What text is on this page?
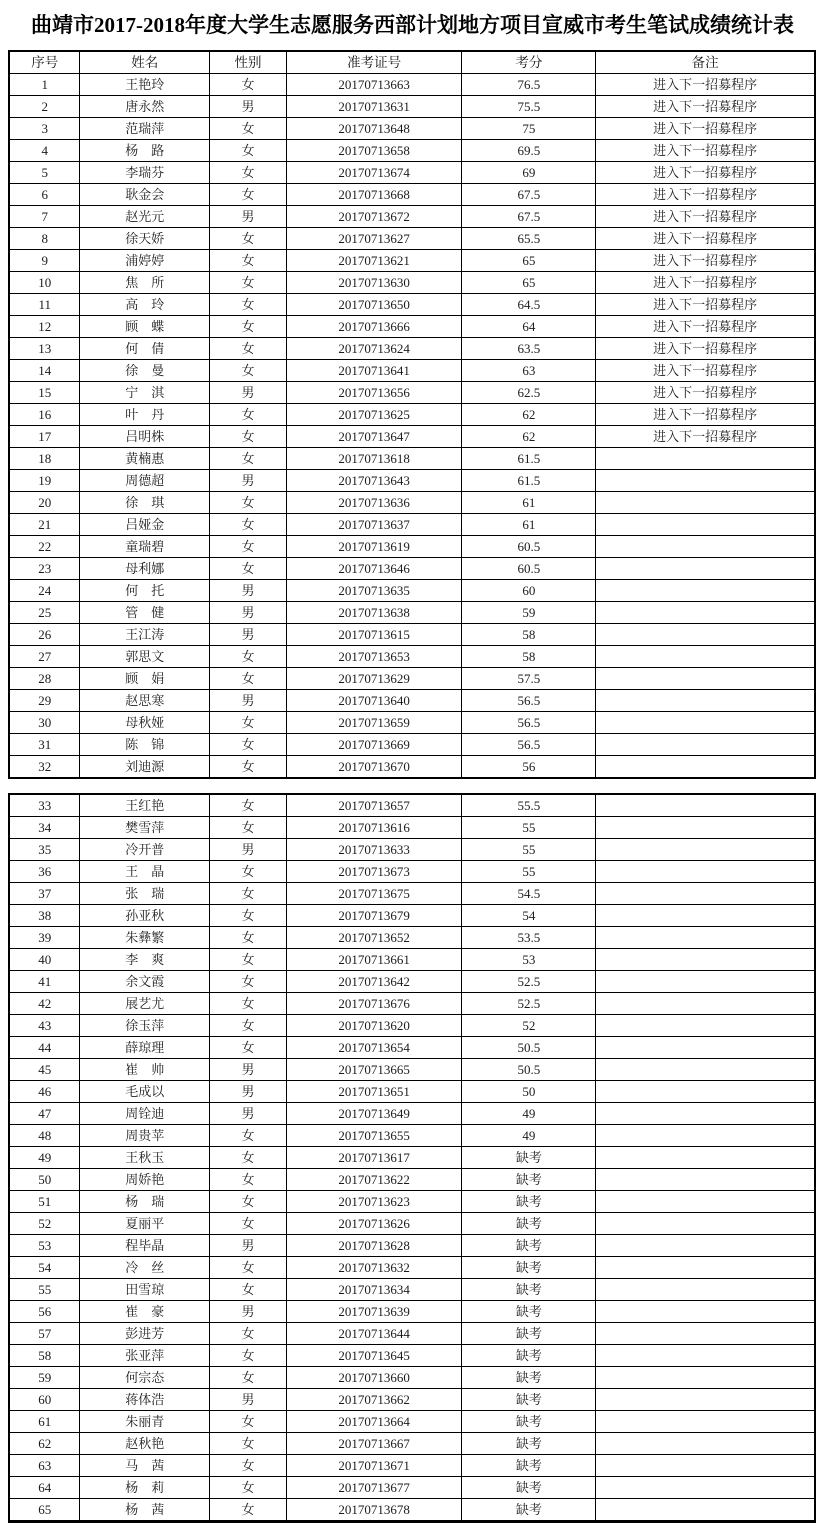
曲靖市2017-2018年度大学生志愿服务西部计划地方项目宣威市考生笔试成绩统计表
序号	姓名	性别	准考证号	考分	备注
1	王艳玲	女	20170713663	76.5	进入下一招募程序
2	唐永然	男	20170713631	75.5	进入下一招募程序
3	范瑞萍	女	20170713648	75	进入下一招募程序
4	杨　路	女	20170713658	69.5	进入下一招募程序
5	李瑞芬	女	20170713674	69	进入下一招募程序
6	耿金会	女	20170713668	67.5	进入下一招募程序
7	赵光元	男	20170713672	67.5	进入下一招募程序
8	徐天娇	女	20170713627	65.5	进入下一招募程序
9	浦婷婷	女	20170713621	65	进入下一招募程序
10	焦　所	女	20170713630	65	进入下一招募程序
11	高　玲	女	20170713650	64.5	进入下一招募程序
12	顾　蝶	女	20170713666	64	进入下一招募程序
13	何　倩	女	20170713624	63.5	进入下一招募程序
14	徐　曼	女	20170713641	63	进入下一招募程序
15	宁　淇	男	20170713656	62.5	进入下一招募程序
16	叶　丹	女	20170713625	62	进入下一招募程序
17	吕明株	女	20170713647	62	进入下一招募程序
18	黄楠惠	女	20170713618	61.5	
19	周德超	男	20170713643	61.5	
20	徐　琪	女	20170713636	61	
21	吕娅金	女	20170713637	61	
22	童瑞碧	女	20170713619	60.5	
23	母利娜	女	20170713646	60.5	
24	何　托	男	20170713635	60	
25	管　健	男	20170713638	59	
26	王江涛	男	20170713615	58	
27	郭思文	女	20170713653	58	
28	顾　娟	女	20170713629	57.5	
29	赵思寒	男	20170713640	56.5	
30	母秋娅	女	20170713659	56.5	
31	陈　锦	女	20170713669	56.5	
32	刘迪源	女	20170713670	56	
33	王红艳	女	20170713657	55.5	
34	樊雪萍	女	20170713616	55	
35	冷开普	男	20170713633	55	
36	王　晶	女	20170713673	55	
37	张　瑞	女	20170713675	54.5	
38	孙亚秋	女	20170713679	54	
39	朱彝繁	女	20170713652	53.5	
40	李　爽	女	20170713661	53	
41	余文霞	女	20170713642	52.5	
42	展艺尤	女	20170713676	52.5	
43	徐玉萍	女	20170713620	52	
44	薛琼理	女	20170713654	50.5	
45	崔　帅	男	20170713665	50.5	
46	毛成以	男	20170713651	50	
47	周铨迪	男	20170713649	49	
48	周贵苹	女	20170713655	49	
49	王秋玉	女	20170713617	缺考	
50	周娇艳	女	20170713622	缺考	
51	杨　瑞	女	20170713623	缺考	
52	夏丽平	女	20170713626	缺考	
53	程毕晶	男	20170713628	缺考	
54	冷　丝	女	20170713632	缺考	
55	田雪琼	女	20170713634	缺考	
56	崔　豪	男	20170713639	缺考	
57	彭进芳	女	20170713644	缺考	
58	张亚萍	女	20170713645	缺考	
59	何宗态	女	20170713660	缺考	
60	蒋体浩	男	20170713662	缺考	
61	朱丽青	女	20170713664	缺考	
62	赵秋艳	女	20170713667	缺考	
63	马　茜	女	20170713671	缺考	
64	杨　莉	女	20170713677	缺考	
65	杨　茜	女	20170713678	缺考	
